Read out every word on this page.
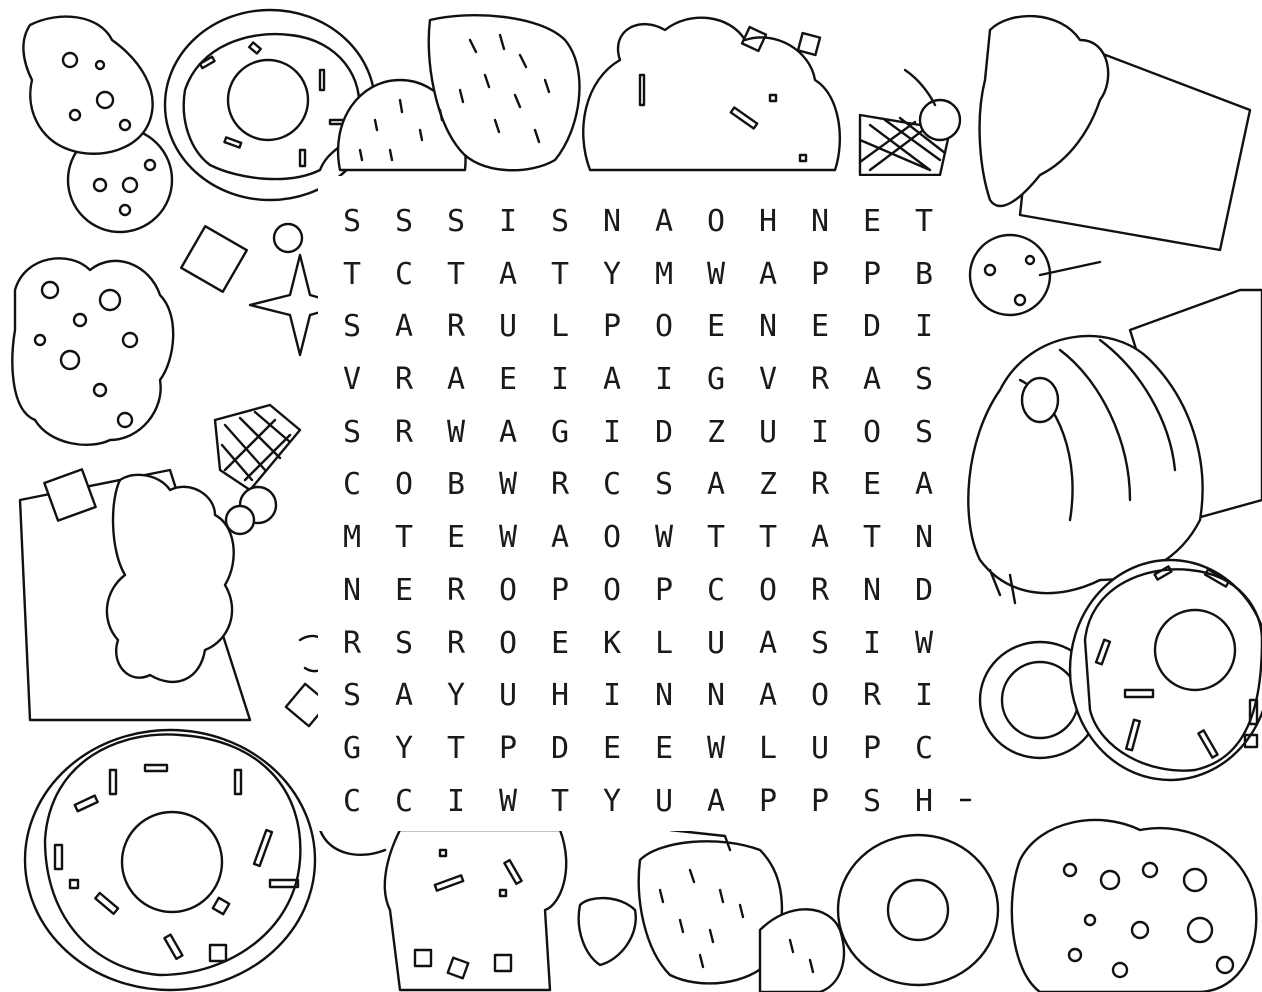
S	S	S	I	S	N	A	O	H	N	E	T
T	C	T	A	T	Y	M	W	A	P	P	B
S	A	R	U	L	P	O	E	N	E	D	I
V	R	A	E	I	A	I	G	V	R	A	S
S	R	W	A	G	I	D	Z	U	I	O	S
C	O	B	W	R	C	S	A	Z	R	E	A
M	T	E	W	A	O	W	T	T	A	T	N
N	E	R	O	P	O	P	C	O	R	N	D
R	S	R	O	E	K	L	U	A	S	I	W
S	A	Y	U	H	I	N	N	A	O	R	I
G	Y	T	P	D	E	E	W	L	U	P	C
C	C	I	W	T	Y	U	A	P	P	S	H
